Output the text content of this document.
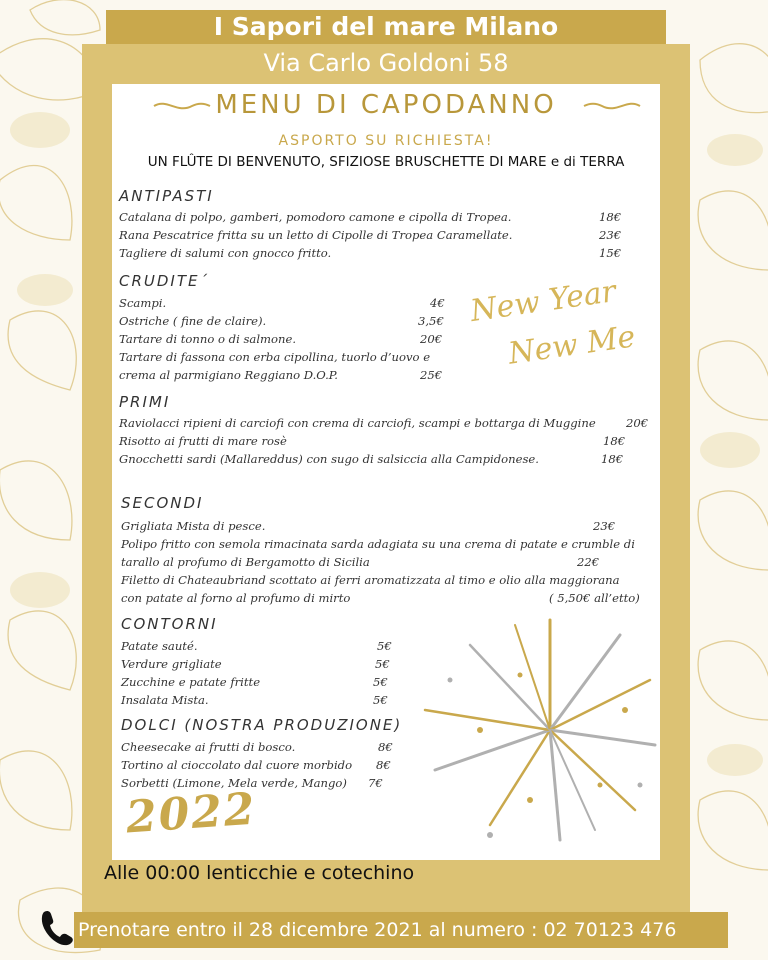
I Sapori del mare Milano
Via Carlo Goldoni 58
MENU DI CAPODANNO
ASPORTO SU RICHIESTA!
UN FLÛTE DI BENVENUTO, SFIZIOSE BRUSCHETTE DI MARE e di TERRA
ANTIPASTI
Catalana di polpo, gamberi, pomodoro camone e cipolla di Tropea.	18€
Rana Pescatrice fritta su un letto di Cipolle di Tropea Caramellate.	23€
Tagliere di salumi con gnocco fritto.	15€
CRUDITE´
Scampi.	4€
Ostriche ( fine de claire).	3,5€
Tartare di tonno o di salmone.	20€
Tartare di fassona con erba cipollina, tuorlo d’uovo e
crema al parmigiano Reggiano D.O.P.	25€
New Year
New Me
PRIMI
Raviolacci ripieni di carciofi con crema di carciofi, scampi e bottarga di Muggine	20€
Risotto ai frutti di mare rosè	18€
Gnocchetti sardi (Mallareddus) con sugo di salsiccia alla Campidonese.	18€
SECONDI
Grigliata Mista di pesce.	23€
Polipo fritto con semola rimacinata sarda adagiata su una crema di patate e crumble di
tarallo al profumo di Bergamotto di Sicilia	22€
Filetto di Chateaubriand scottato ai ferri aromatizzata al timo e olio alla maggiorana
con patate al forno al profumo di mirto	( 5,50€ all’etto)
CONTORNI
Patate sauté.	5€
Verdure grigliate	5€
Zucchine e patate fritte	5€
Insalata Mista.	5€
DOLCI (NOSTRA PRODUZIONE)
Cheesecake ai frutti di bosco.	8€
Tortino al cioccolato dal cuore morbido 8€
Sorbetti (Limone, Mela verde, Mango) 7€
2022
Alle 00:00 lenticchie e cotechino
Prenotare entro il 28 dicembre 2021 al numero : 02 70123 476
